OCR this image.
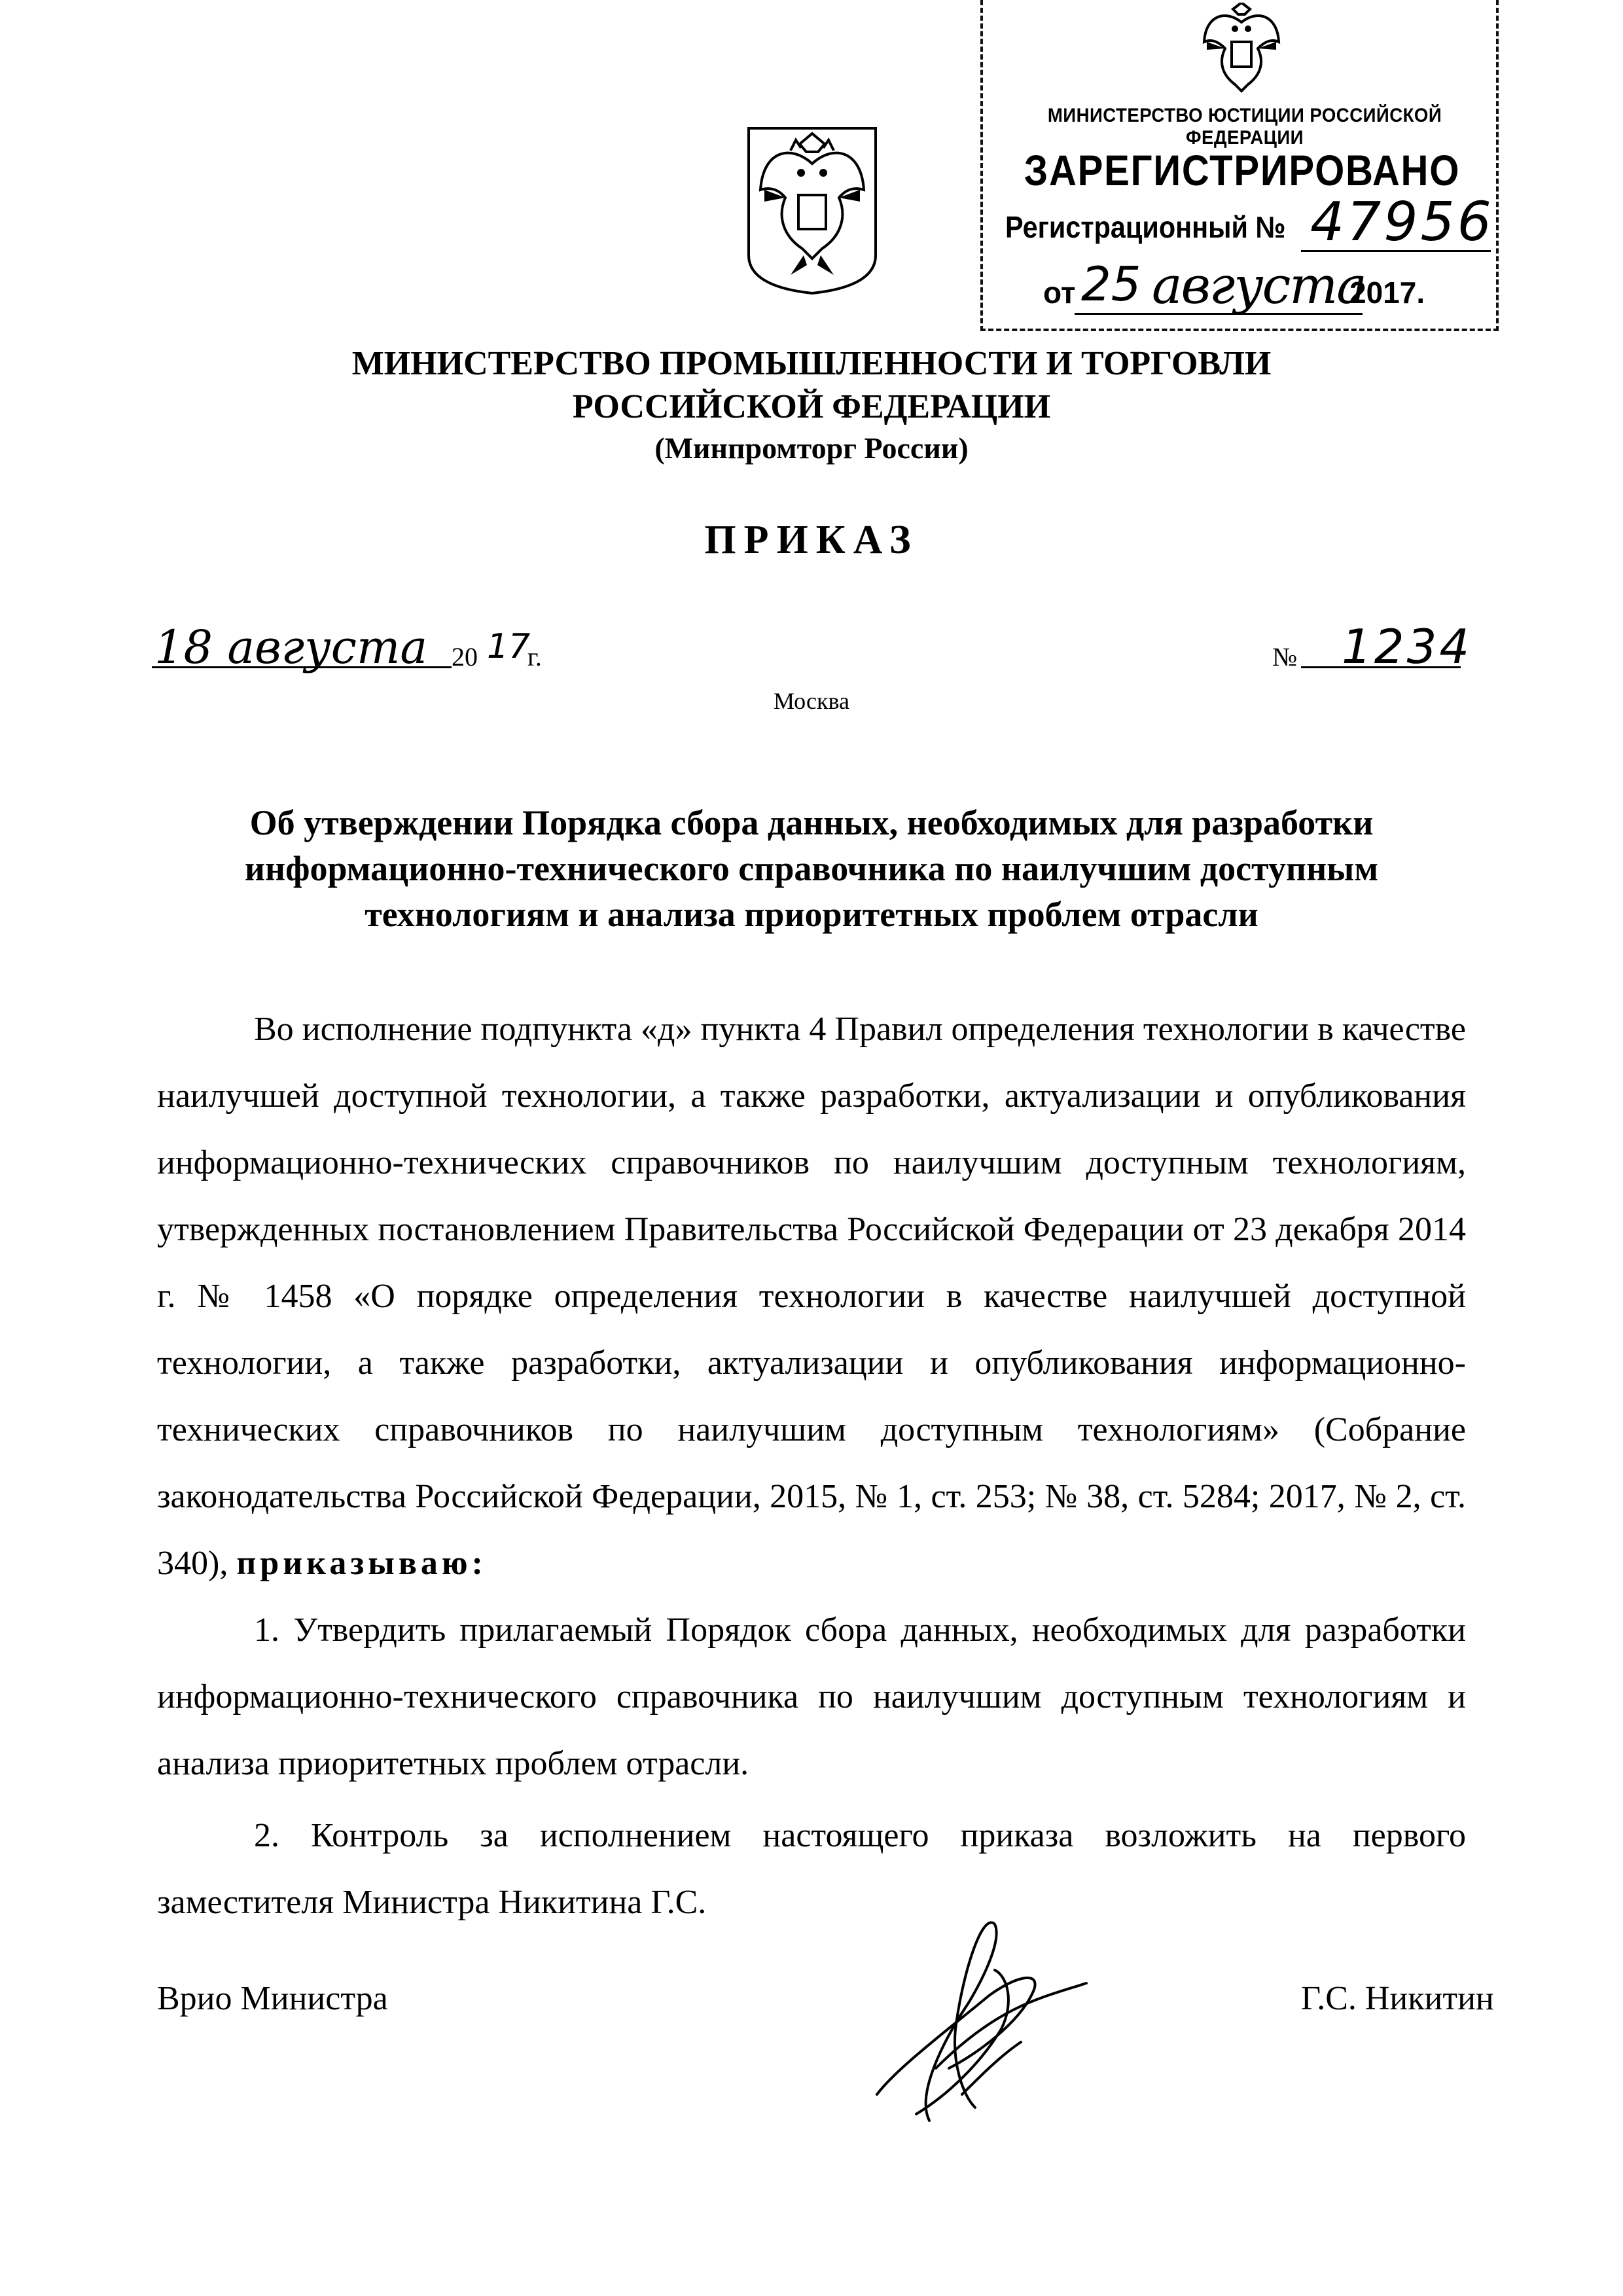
МИНИСТЕРСТВО ЮСТИЦИИ РОССИЙСКОЙ ФЕДЕРАЦИИ
ЗАРЕГИСТРИРОВАНО
Регистрационный № 47956
от 25 августа
2017.
МИНИСТЕРСТВО ПРОМЫШЛЕННОСТИ И ТОРГОВЛИ
РОССИЙСКОЙ ФЕДЕРАЦИИ
(Минпромторг России)
ПРИКАЗ
18 августа 20 17
г.	№ 1234
Москва
Об утверждении Порядка сбора данных, необходимых для разработки информационно-технического справочника по наилучшим доступным технологиям и анализа приоритетных проблем отрасли

Во исполнение подпункта «д» пункта 4 Правил определения технологии в качестве наилучшей доступной технологии, а также разработки, актуализации и опубликования информационно-технических справочников по наилучшим доступным технологиям, утвержденных постановлением Правительства Российской Федерации от 23 декабря 2014 г. № 1458 «О порядке определения технологии в качестве наилучшей доступной технологии, а также разработки, актуализации и опубликования информационно-технических справочников по наилучшим доступным технологиям» (Собрание законодательства Российской Федерации, 2015, № 1, ст. 253; № 38, ст. 5284; 2017, № 2, ст. 340), приказываю:

1. Утвердить прилагаемый Порядок сбора данных, необходимых для разработки информационно-технического справочника по наилучшим доступным технологиям и анализа приоритетных проблем отрасли.

2. Контроль за исполнением настоящего приказа возложить на первого заместителя Министра Никитина Г.С.

Врио Министра	Г.С. Никитин
